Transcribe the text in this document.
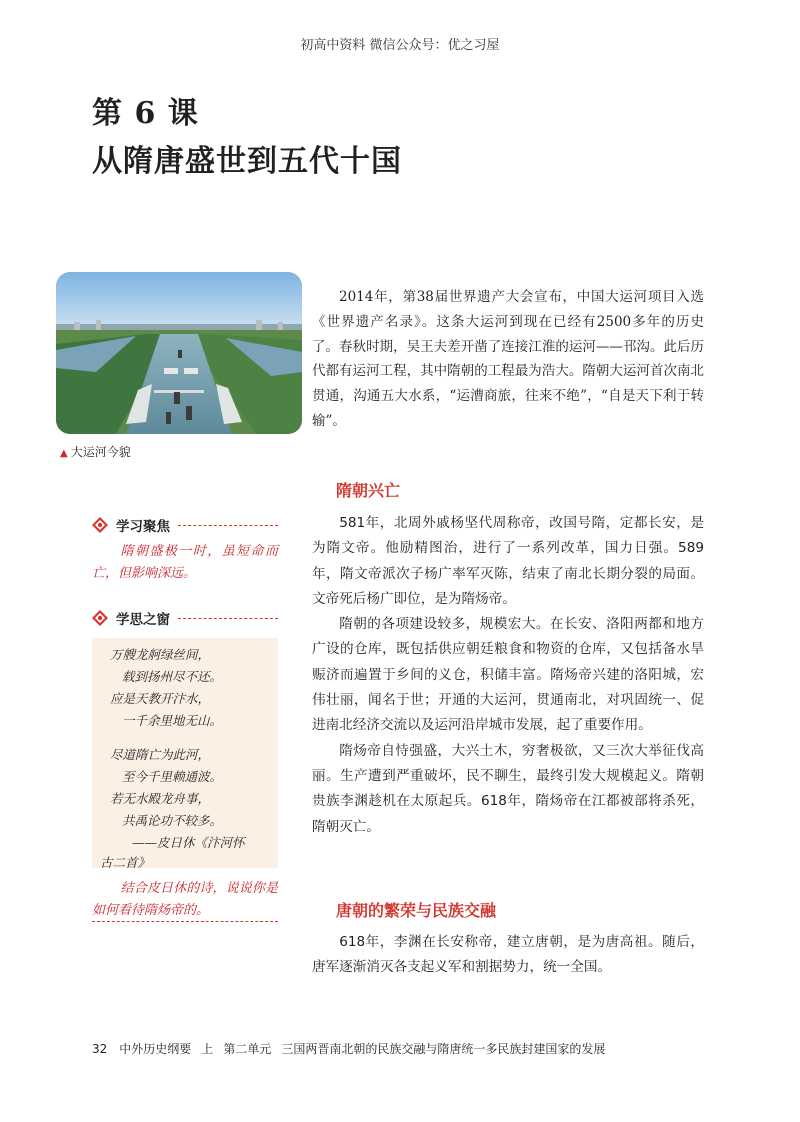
初高中资料 微信公众号：优之习屋
第 6 课
从隋唐盛世到五代十国
▲ 大运河今貌

2014年，第38届世界遗产大会宣布，中国大运河项目入选《世界遗产名录》。这条大运河到现在已经有2500多年的历史了。春秋时期，吴王夫差开凿了连接江淮的运河——邗沟。此后历代都有运河工程，其中隋朝的工程最为浩大。隋朝大运河首次南北贯通，沟通五大水系，“运漕商旅，往来不绝”，“自是天下利于转输”。

隋朝兴亡

581年，北周外戚杨坚代周称帝，改国号隋，定都长安，是为隋文帝。他励精图治，进行了一系列改革，国力日强。589年，隋文帝派次子杨广率军灭陈，结束了南北长期分裂的局面。文帝死后杨广即位，是为隋炀帝。

隋朝的各项建设较多，规模宏大。在长安、洛阳两都和地方广设的仓库，既包括供应朝廷粮食和物资的仓库，又包括备水旱赈济而遍置于乡间的义仓，积储丰富。隋炀帝兴建的洛阳城，宏伟壮丽，闻名于世；开通的大运河，贯通南北，对巩固统一、促进南北经济交流以及运河沿岸城市发展，起了重要作用。

隋炀帝自恃强盛，大兴土木，穷奢极欲，又三次大举征伐高丽。生产遭到严重破坏，民不聊生，最终引发大规模起义。隋朝贵族李渊趁机在太原起兵。618年，隋炀帝在江都被部将杀死，隋朝灭亡。

唐朝的繁荣与民族交融

618年，李渊在长安称帝，建立唐朝，是为唐高祖。随后，唐军逐渐消灭各支起义军和割据势力，统一全国。

学习聚焦

隋朝盛极一时，虽短命而亡，但影响深远。

学思之窗
万艘龙舸绿丝间，
载到扬州尽不还。
应是天教开汴水，
一千余里地无山。
尽道隋亡为此河，
至今千里赖通波。
若无水殿龙舟事，
共禹论功不较多。
——皮日休《汴河怀
古二首》

结合皮日休的诗，说说你是如何看待隋炀帝的。

32 中外历史纲要 上 第二单元 三国两晋南北朝的民族交融与隋唐统一多民族封建国家的发展
